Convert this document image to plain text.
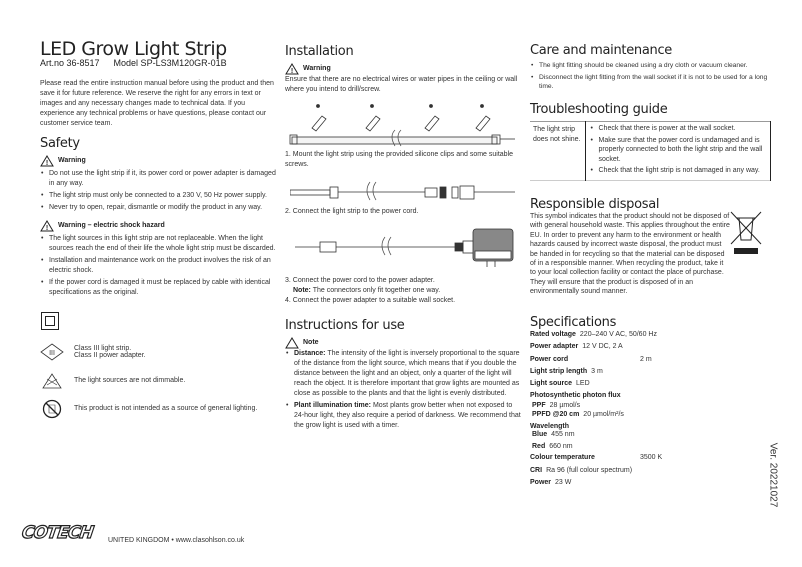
LED Grow Light Strip
Art.no 36-8517 Model SP-LS3M120GR-01B

Please read the entire instruction manual before using the product and then save it for future reference. We reserve the right for any errors in text or images and any necessary changes made to technical data. If you experience any technical problems or have questions, please contact our customer service team.

Safety
Warning
• Do not use the light strip if it, its power cord or power adapter is damaged in any way.
• The light strip must only be connected to a 230 V, 50 Hz power supply.
• Never try to open, repair, dismantle or modify the product in any way.
Warning – electric shock hazard
• The light sources in this light strip are not replaceable. When the light sources reach the end of their life the whole light strip must be discarded.
• Installation and maintenance work on the product involves the risk of an electric shock.
• If the power cord is damaged it must be replaced by cable with identical specifications as the original.
III
Class III light strip.
Class II power adapter.
The light sources are not dimmable.
This product is not intended as a source of general lighting.
Installation
Warning

Ensure that there are no electrical wires or water pipes in the ceiling or wall where you intend to drill/screw.

1. Mount the light strip using the provided silicone clips and some suitable screws.

2. Connect the light strip to the power cord.

3. Connect the power cord to the power adapter.

Note: The connectors only fit together one way.

4. Connect the power adapter to a suitable wall socket.

Instructions for use
Note
• Distance: The intensity of the light is inversely proportional to the square of the distance from the light source, which means that if you double the distance between the light and an object, only a quarter of the light will reach the object. It is therefore important that grow lights are mounted as close as possible to the plants and that the light is evenly distributed.
• Plant illumination time: Most plants grow better when not exposed to 24-hour light, they also require a period of darkness. We recommend that the grow light is used with a timer.
Care and maintenance
• The light fitting should be cleaned using a dry cloth or vacuum cleaner.
• Disconnect the light fitting from the wall socket if it is not to be used for a long time.
Troubleshooting guide
The light strip does not shine.	
• Check that there is power at the wall socket.
• Make sure that the power cord is undamaged and is properly connected to both the light strip and the wall socket.
• Check that the light strip is not damaged in any way.
Responsible disposal

This symbol indicates that the product should not be disposed of with general household waste. This applies throughout the entire EU. In order to prevent any harm to the environment or health hazards caused by incorrect waste disposal, the product must be handed in for recycling so that the material can be disposed of in a responsible manner. When recycling the product, take it to your local collection facility or contact the place of purchase. They will ensure that the product is disposed of in an environmentally sound manner.

Specifications
Rated voltage 220–240 V AC, 50/60 Hz
Power adapter 12 V DC, 2 A
Power cord	2 m
Light strip length 3 m
Light source LED
Photosynthetic photon flux
PPF 28 µmol/s
PPFD @20 cm 20 µmol/m²/s
Wavelength
Blue 455 nm
Red 660 nm
Colour temperature	3500 K
CRI Ra 96 (full colour spectrum)
Power 23 W	Ver. 20221027
COTECH UNITED KINGDOM • www.clasohlson.co.uk
